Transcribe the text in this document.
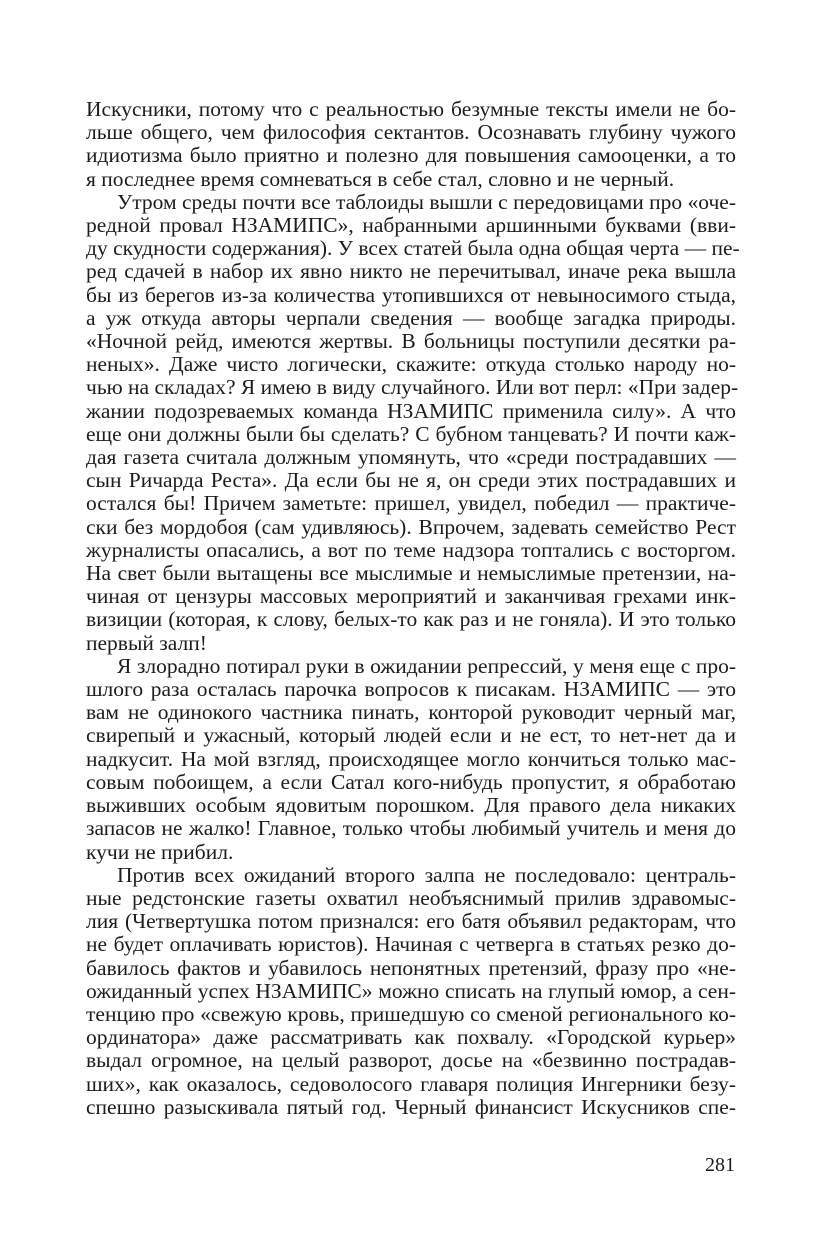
Искусники, потому что с реальностью безумные тексты имели не бо-
льше общего, чем философия сектантов. Осознавать глубину чужого
идиотизма было приятно и полезно для повышения самооценки, а то
я последнее время сомневаться в себе стал, словно и не черный.
Утром среды почти все таблоиды вышли с передовицами про «оче-
редной провал НЗАМИПС», набранными аршинными буквами (вви-
ду скудности содержания). У всех статей была одна общая черта — пе-
ред сдачей в набор их явно никто не перечитывал, иначе река вышла
бы из берегов из-за количества утопившихся от невыносимого стыда,
а уж откуда авторы черпали сведения — вообще загадка природы.
«Ночной рейд, имеются жертвы. В больницы поступили десятки ра-
неных». Даже чисто логически, скажите: откуда столько народу но-
чью на складах? Я имею в виду случайного. Или вот перл: «При задер-
жании подозреваемых команда НЗАМИПС применила силу». А что
еще они должны были бы сделать? С бубном танцевать? И почти каж-
дая газета считала должным упомянуть, что «среди пострадавших —
сын Ричарда Реста». Да если бы не я, он среди этих пострадавших и
остался бы! Причем заметьте: пришел, увидел, победил — практиче-
ски без мордобоя (сам удивляюсь). Впрочем, задевать семейство Рест
журналисты опасались, а вот по теме надзора топтались с восторгом.
На свет были вытащены все мыслимые и немыслимые претензии, на-
чиная от цензуры массовых мероприятий и заканчивая грехами инк-
визиции (которая, к слову, белых-то как раз и не гоняла). И это только
первый залп!
Я злорадно потирал руки в ожидании репрессий, у меня еще с про-
шлого раза осталась парочка вопросов к писакам. НЗАМИПС — это
вам не одинокого частника пинать, конторой руководит черный маг,
свирепый и ужасный, который людей если и не ест, то нет-нет да и
надкусит. На мой взгляд, происходящее могло кончиться только мас-
совым побоищем, а если Сатал кого-нибудь пропустит, я обработаю
выживших особым ядовитым порошком. Для правого дела никаких
запасов не жалко! Главное, только чтобы любимый учитель и меня до
кучи не прибил.
Против всех ожиданий второго залпа не последовало: централь-
ные редстонские газеты охватил необъяснимый прилив здравомыс-
лия (Четвертушка потом признался: его батя объявил редакторам, что
не будет оплачивать юристов). Начиная с четверга в статьях резко до-
бавилось фактов и убавилось непонятных претензий, фразу про «не-
ожиданный успех НЗАМИПС» можно списать на глупый юмор, а сен-
тенцию про «свежую кровь, пришедшую со сменой регионального ко-
ординатора» даже рассматривать как похвалу. «Городской курьер»
выдал огромное, на целый разворот, досье на «безвинно пострадав-
ших», как оказалось, седоволосого главаря полиция Ингерники безу-
спешно разыскивала пятый год. Черный финансист Искусников спе-
281
